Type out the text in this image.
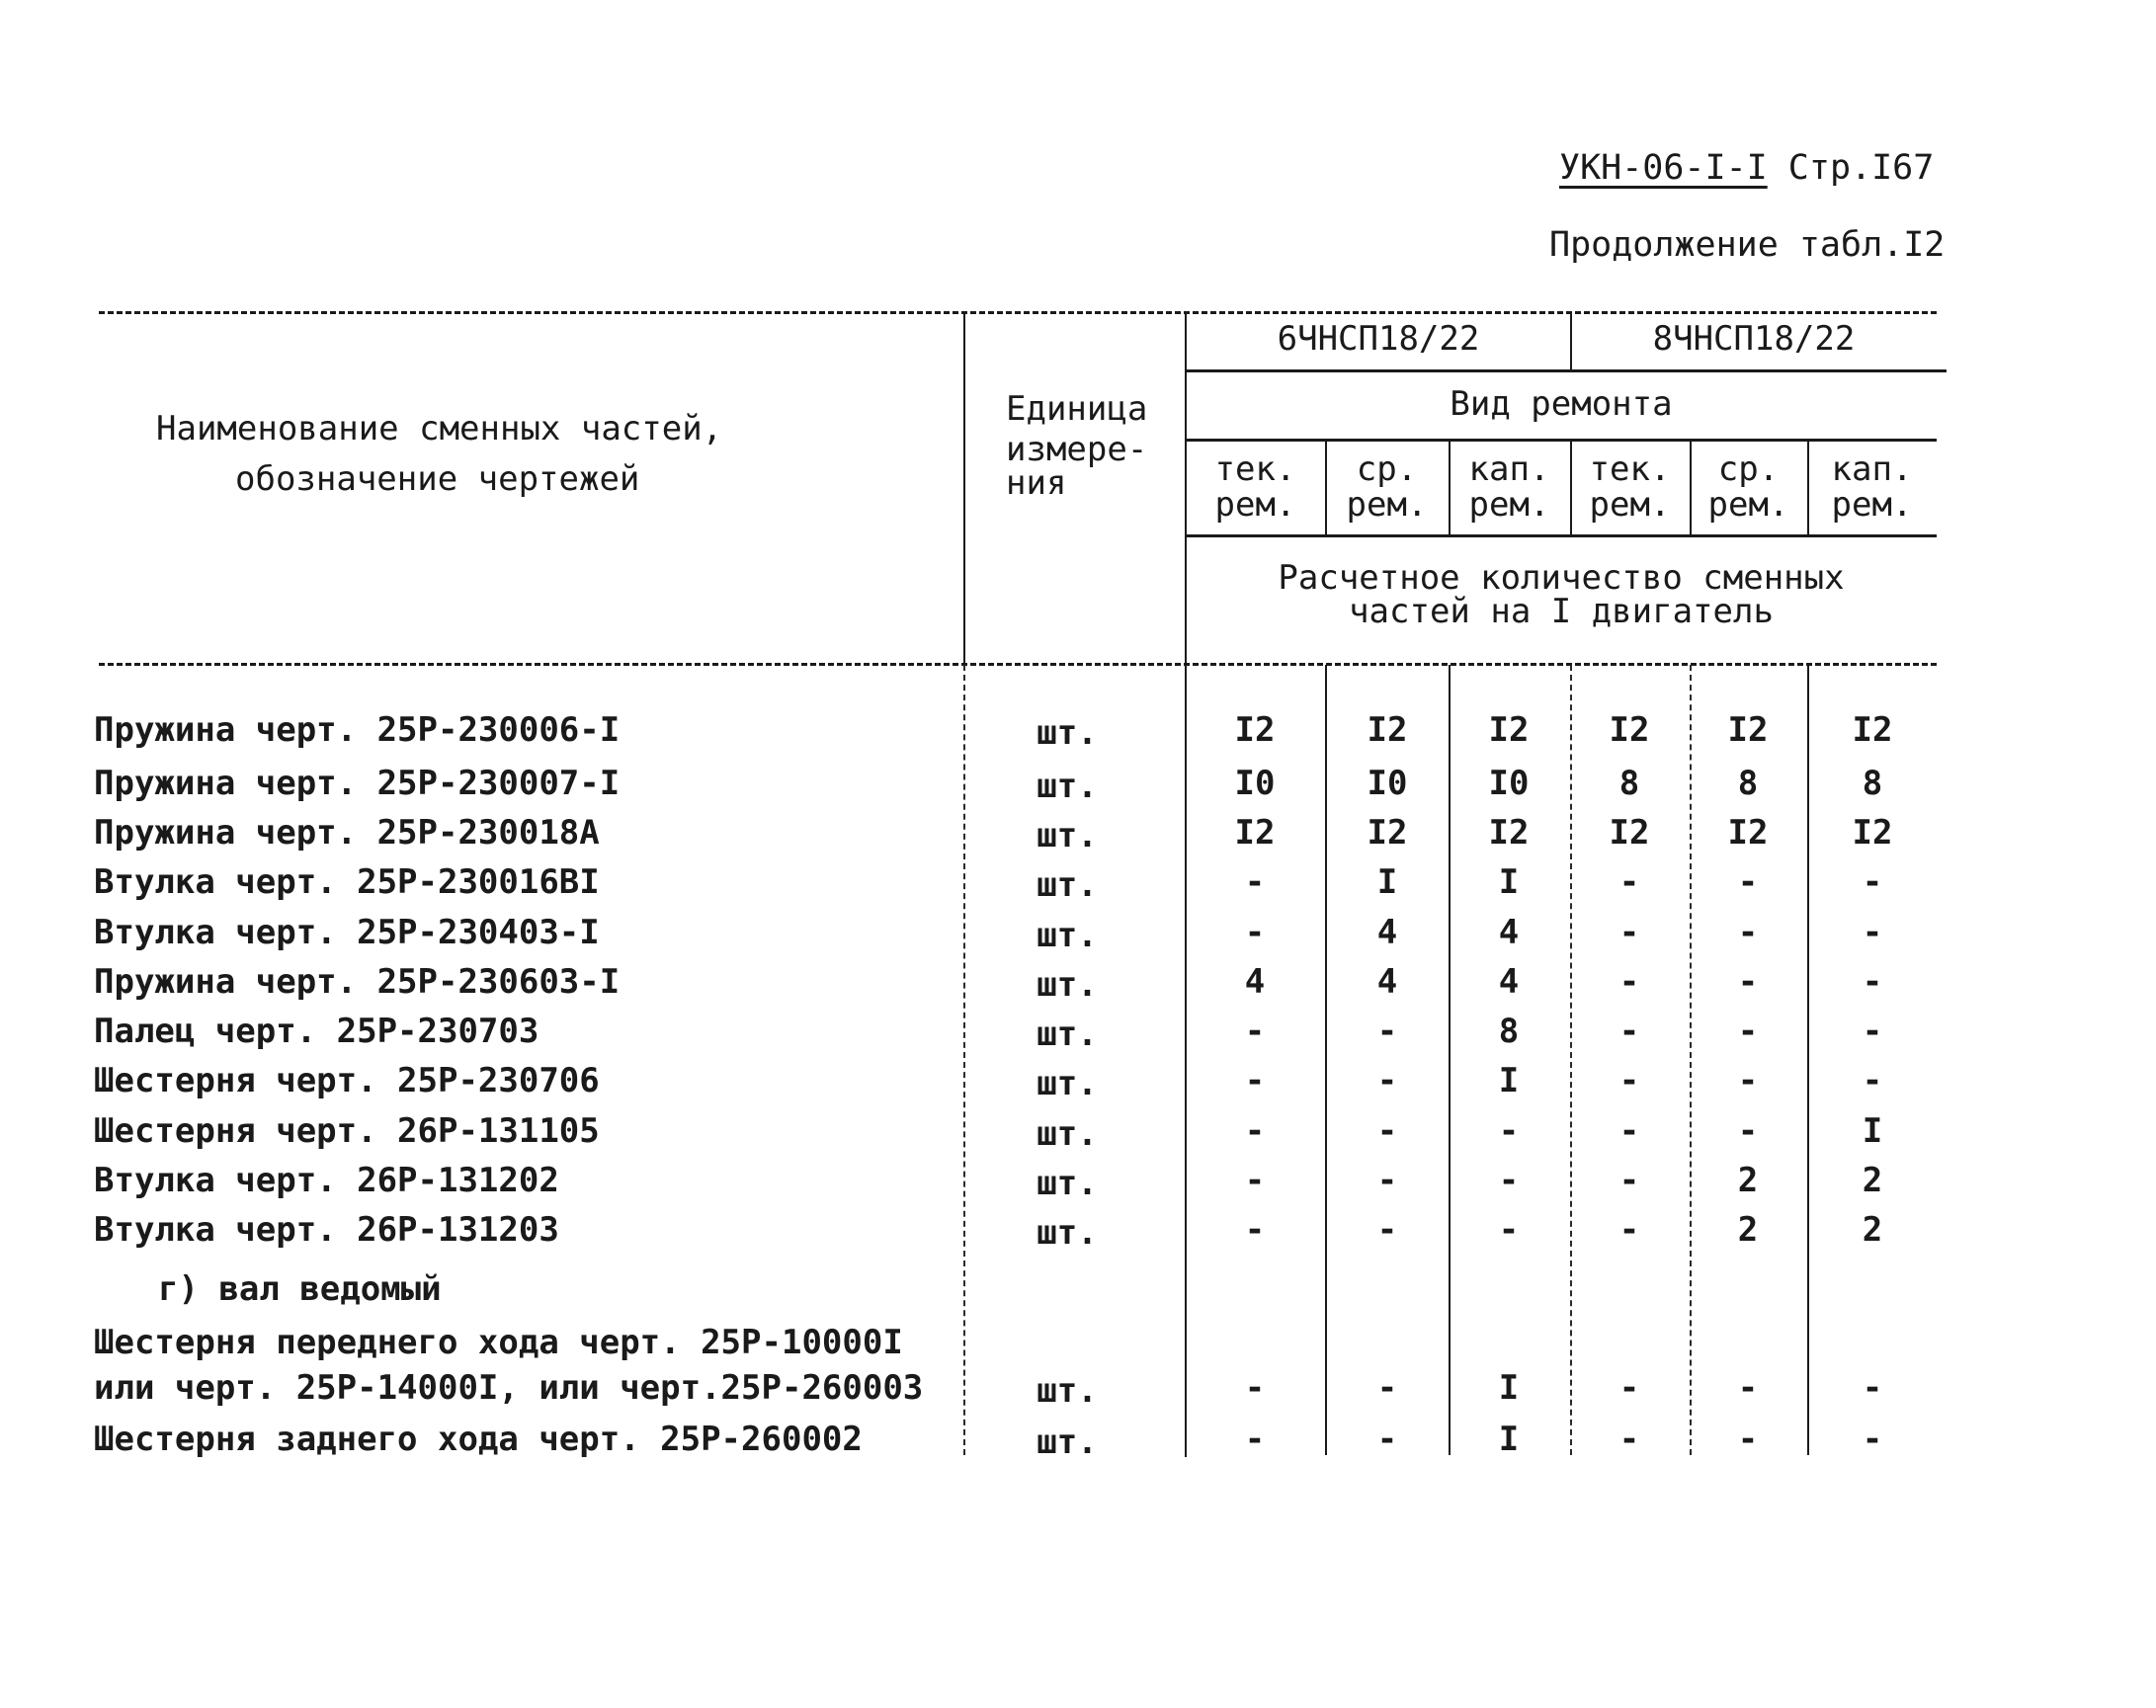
УКН-06-I-I Стр.I67
Продолжение табл.I2
Наименование сменных частей,
обозначение чертежей
Единица
измере-
ния
6ЧНСП18/22	8ЧНСП18/22
Вид ремонта
тек.
рем.
ср.
рем.
кап.
рем.
тек.
рем.
ср.
рем.
кап.
рем.
Расчетное количество сменных
частей на I двигатель
Пружина черт. 25Р-230006-I	шт.	I2	I2	I2	I2	I2	I2
Пружина черт. 25Р-230007-I	шт.	I0	I0	I0	8	8	8
Пружина черт. 25Р-230018А	шт.	I2	I2	I2	I2	I2	I2
Втулка черт. 25Р-230016ВI	шт.	-	I	I	-	-	-
Втулка черт. 25Р-230403-I	шт.	-	4	4	-	-	-
Пружина черт. 25Р-230603-I	шт.	4	4	4	-	-	-
Палец черт. 25Р-230703	шт.	-	-	8	-	-	-
Шестерня черт. 25Р-230706	шт.	-	-	I	-	-	-
Шестерня черт. 26Р-131105	шт.	-	-	-	-	-	I
Втулка черт. 26Р-131202	шт.	-	-	-	-	2	2
Втулка черт. 26Р-131203	шт.	-	-	-	-	2	2
г) вал ведомый
Шестерня переднего хода черт. 25Р-10000I
или черт. 25Р-14000I, или черт.25Р-260003	шт.	-	-	I	-	-	-
Шестерня заднего хода черт. 25Р-260002	шт.	-	-	I	-	-	-
